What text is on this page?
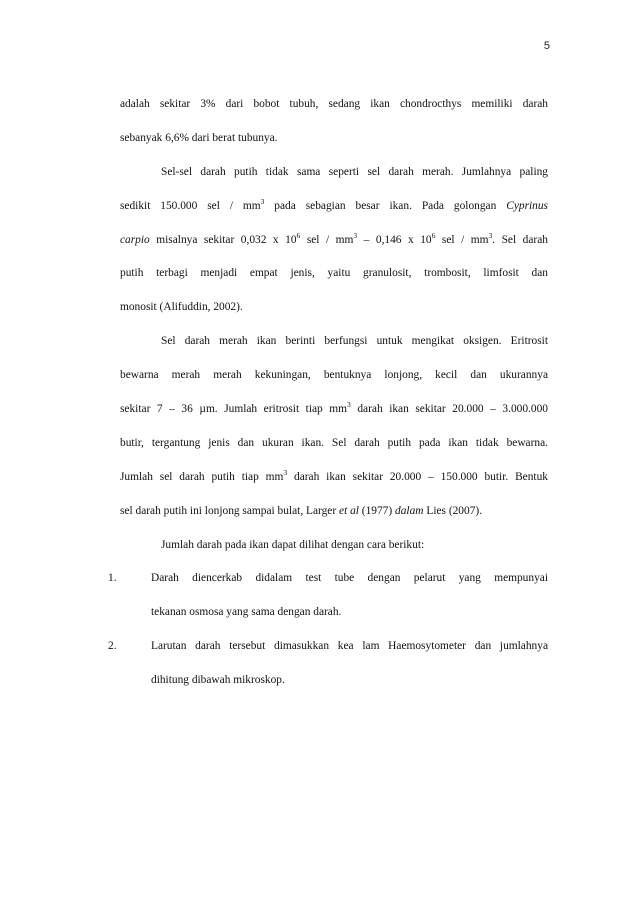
5
adalah sekitar 3% dari bobot tubuh, sedang ikan chondrocthys memiliki darah
sebanyak 6,6% dari berat tubunya.
Sel-sel darah putih tidak sama seperti sel darah merah. Jumlahnya paling
sedikit 150.000 sel / $mm^3$ pada sebagian besar ikan. Pada golongan Cyprinus
carpio misalnya sekitar 0,032 x $10^6$ sel / $mm^3 - 0,146$ x $10^6$ sel / $mm^3$. Sel darah
putih terbagi menjadi empat jenis, yaitu granulosit, trombosit, limfosit dan
monosit (Alifuddin, 2002).
Sel darah merah ikan berinti berfungsi untuk mengikat oksigen. Eritrosit
bewarna merah merah kekuningan, bentuknya lonjong, kecil dan ukurannya
sekitar 7 – 36 µm. Jumlah eritrosit tiap $mm^3$ darah ikan sekitar 20.000 – 3.000.000
butir, tergantung jenis dan ukuran ikan. Sel darah putih pada ikan tidak bewarna.
Jumlah sel darah putih tiap $mm^3$ darah ikan sekitar 20.000 – 150.000 butir. Bentuk
sel darah putih ini lonjong sampai bulat, Larger et al (1977) dalam Lies (2007).
Jumlah darah pada ikan dapat dilihat dengan cara berikut:
1.	Darah diencerkab didalam test tube dengan pelarut yang mempunyai
tekanan osmosa yang sama dengan darah.
2.	Larutan darah tersebut dimasukkan kea lam Haemosytometer dan jumlahnya
dihitung dibawah mikroskop.
